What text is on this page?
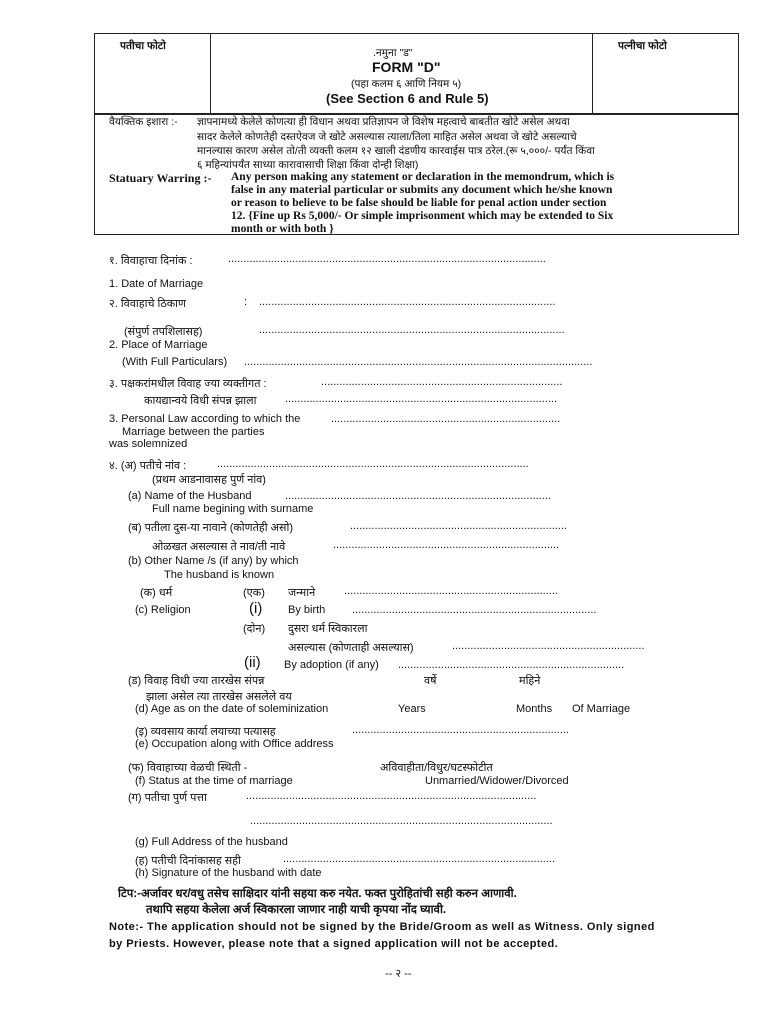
पतीचा फोटो	पत्नीचा फोटो
.नमुना "ड"
FORM "D"
(पहा कलम ६ आणि नियम ५)
(See Section 6 and Rule 5)
वैयक्तिक इशारा :- ज्ञापनामध्ये केलेले कोणत्या ही विधान अथवा प्रतिज्ञापन जे विशेष महत्वाचे बाबतीत खोटे असेल अथवा
सादर केलेले कोणतेही दस्तऐवज जे खोटे असल्यास त्याला/तिला माहित असेल अथवा जे खोटे असल्याचे
मानल्यास कारण असेल तो/ती व्यक्ती कलम १२ खाली दंडणीय कारवाईस पात्र ठरेल.(रू ५,०००/- पर्यंत किंवा
६ महिन्यांपर्यंत साध्या कारावासाची शिक्षा किंवा दोन्ही शिक्षा)
Statuary Warring :- Any person making any statement or declaration in the memondrum, which is
false in any material particular or submits any document which he/she known
or reason to believe to be false should be liable for penal action under section
12. {Fine up Rs 5,000/- Or simple imprisonment which may be extended to Six
month or with both }
१. विवाहाचा दिनांक :	........................................................................................................
1. Date of Marriage
२. विवाहाचे ठिकाण	: .................................................................................................
(संपुर्ण तपशिलासह)	....................................................................................................
2. Place of Marriage
(With Full Particulars) ..................................................................................................................
३. पक्षकरांमधील विवाह ज्या व्यक्तीगत :	...............................................................................
कायद्यान्वये विधी संपन्न झाला	.........................................................................................
3. Personal Law according to which the	...........................................................................
Marriage between the parties
was solemnized
४. (अ) पतीचे नांव :	......................................................................................................
(प्रथम आडनावासह पुर्ण नांव)
(a) Name of the Husband	.......................................................................................
Full name begining with surname
(ब) पतीला दुस-या नावाने (कोणतेही असो)	.......................................................................
ओळखत असल्यास ते नाव/ती नावे	..........................................................................
(b) Other Name /s (if any) by which
The husband is known
(क) धर्म	(एक) जन्माने	......................................................................
(c) Religion	(i) By birth ................................................................................
(दोन) दुसरा धर्म स्विकारला
असल्यास (कोणताही असल्यास)	...............................................................
(ii) By adoption (if any) ..........................................................................
(ड) विवाह विधी ज्या तारखेस संपन्न	वर्षे	महिने
झाला असेल त्या तारखेस असलेले वय
(d) Age as on the date of soleminization	Years	Months Of Marriage
(इ) व्यवसाय कार्या लयाच्या पत्यासह	.......................................................................
(e) Occupation along with Office address
(फ) विवाहाच्या वेळची स्थिती -	अविवाहीता/विधुर/घटस्फोटीत
(f) Status at the time of marriage	Unmarried/Widower/Divorced
(ग) पतीचा पुर्ण पत्ता	...............................................................................................
...................................................................................................
(g) Full Address of the husband
(ह) पतीची दिनांकासह सही	.........................................................................................
(h) Signature of the husband with date
टिप:-अर्जावर धर/वधु तसेच साक्षिदार यांनी सहया करु नयेत. फक्त पुरोहितांची सही करुन आणावी.
तथापि सहया केलेला अर्ज स्विकारला जाणार नाही याची कृपया नोंद घ्यावी.
Note:- The application should not be signed by the Bride/Groom as well as Witness. Only signed
by Priests. However, please note that a signed application will not be accepted.
-- २ --
